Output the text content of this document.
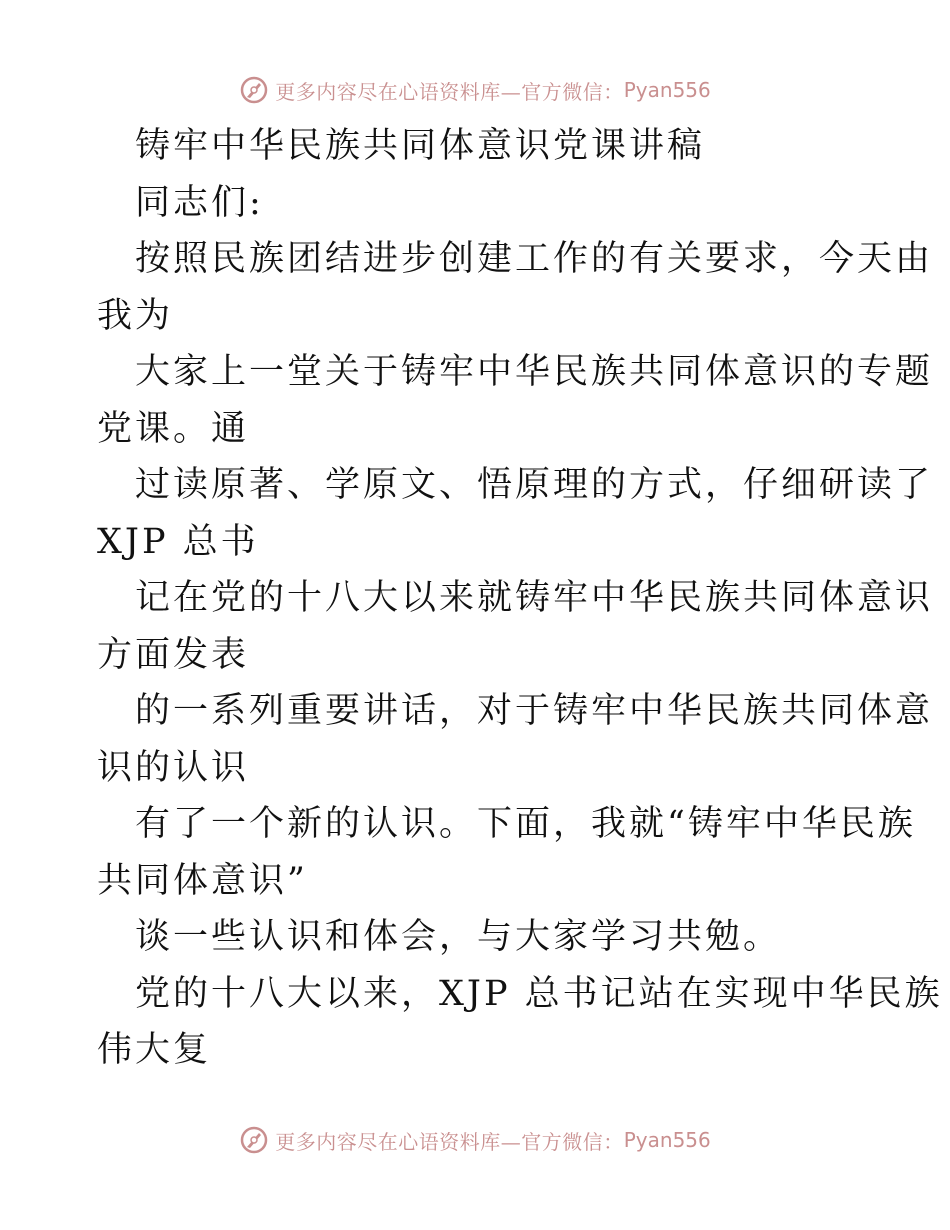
更多内容尽在心语资料库—官方微信： Pyan556
铸牢中华民族共同体意识党课讲稿
同志们:
按照民族团结进步创建工作的有关要求，今天由
我为
大家上一堂关于铸牢中华民族共同体意识的专题
党课。通
过读原著、学原文、悟原理的方式，仔细研读了
XJP 总书
记在党的十八大以来就铸牢中华民族共同体意识
方面发表
的一系列重要讲话，对于铸牢中华民族共同体意
识的认识
有了一个新的认识。下面，我就“铸牢中华民族
共同体意识”
谈一些认识和体会，与大家学习共勉。
党的十八大以来，XJP 总书记站在实现中华民族
伟大复
更多内容尽在心语资料库—官方微信： Pyan556
